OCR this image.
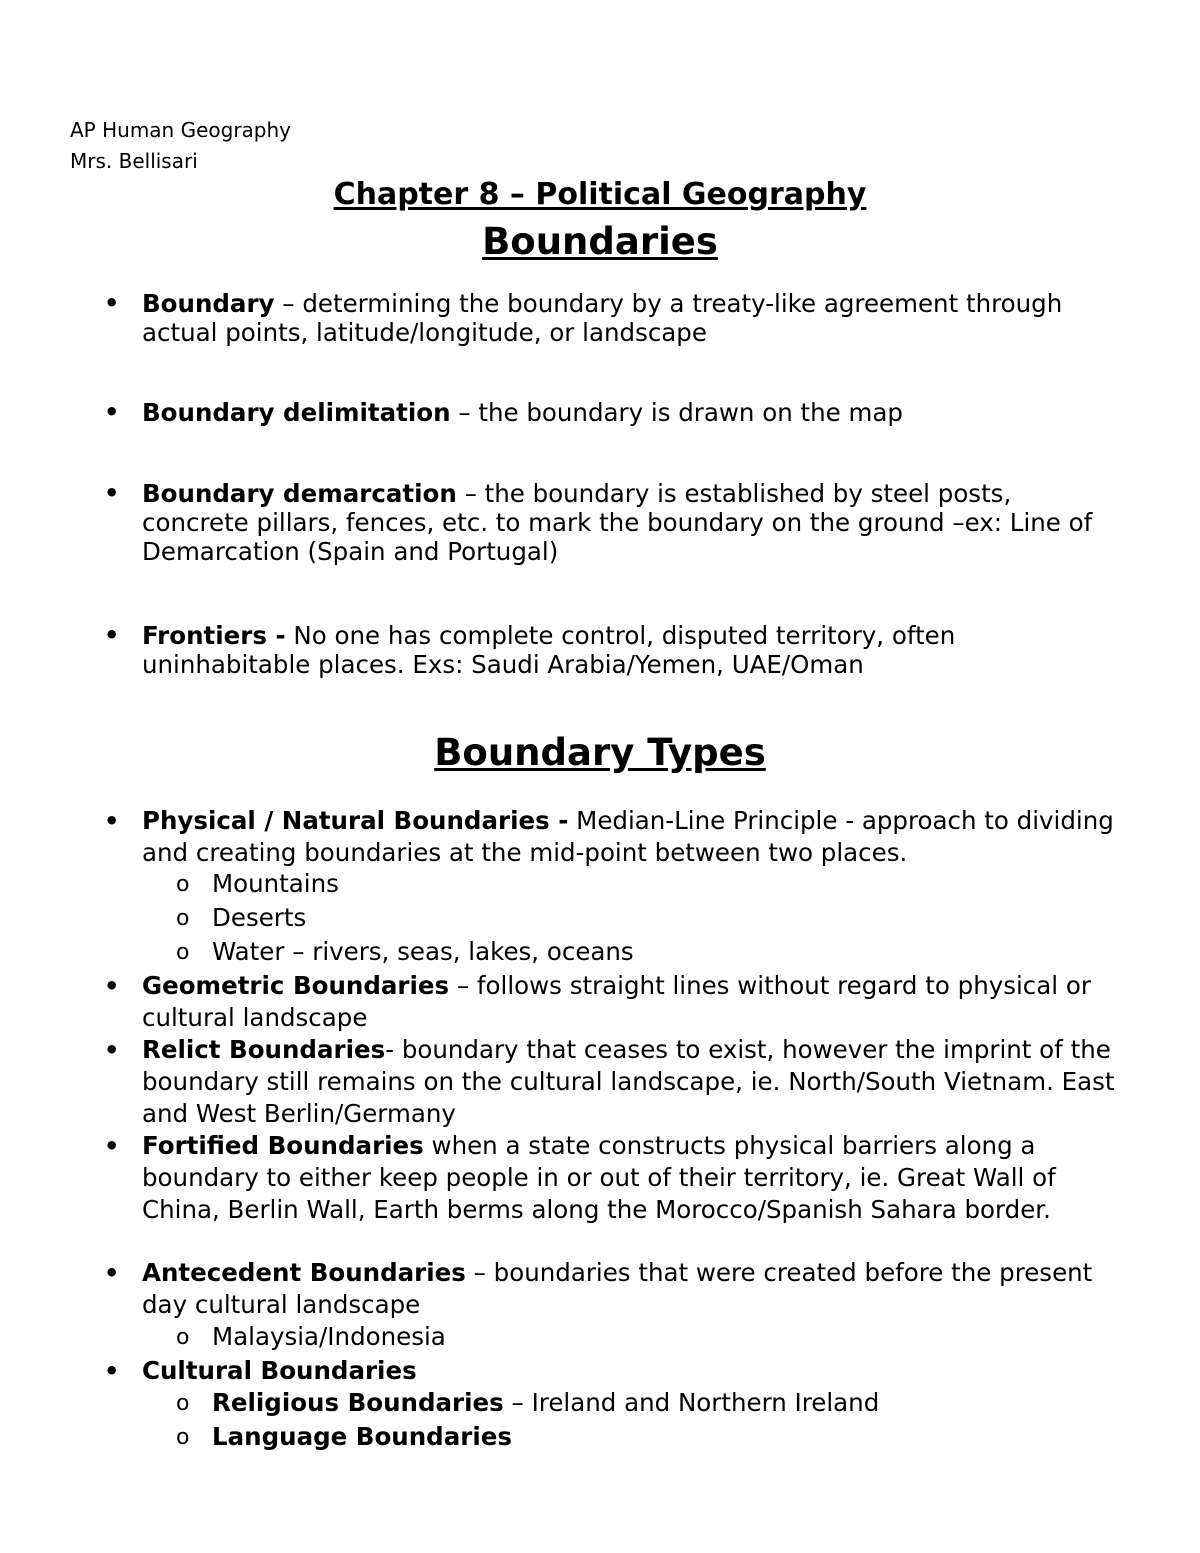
AP Human Geography
Mrs. Bellisari
Chapter 8 – Political Geography
Boundaries
• Boundary – determining the boundary by a treaty-like agreement through actual points, latitude/longitude, or landscape
• Boundary delimitation – the boundary is drawn on the map
• Boundary demarcation – the boundary is established by steel posts, concrete pillars, fences, etc. to mark the boundary on the ground –ex: Line of Demarcation (Spain and Portugal)
• Frontiers - No one has complete control, disputed territory, often uninhabitable places. Exs: Saudi Arabia/Yemen, UAE/Oman
Boundary Types
• Physical / Natural Boundaries - Median-Line Principle - approach to dividing and creating boundaries at the mid-point between two places.
o Mountains
o Deserts
o Water – rivers, seas, lakes, oceans
• Geometric Boundaries – follows straight lines without regard to physical or cultural landscape
• Relict Boundaries- boundary that ceases to exist, however the imprint of the boundary still remains on the cultural landscape, ie. North/South Vietnam. East and West Berlin/Germany
• Fortified Boundaries when a state constructs physical barriers along a boundary to either keep people in or out of their territory, ie. Great Wall of China, Berlin Wall, Earth berms along the Morocco/Spanish Sahara border.
• Antecedent Boundaries – boundaries that were created before the present day cultural landscape
o Malaysia/Indonesia
• Cultural Boundaries
o Religious Boundaries – Ireland and Northern Ireland
o Language Boundaries
